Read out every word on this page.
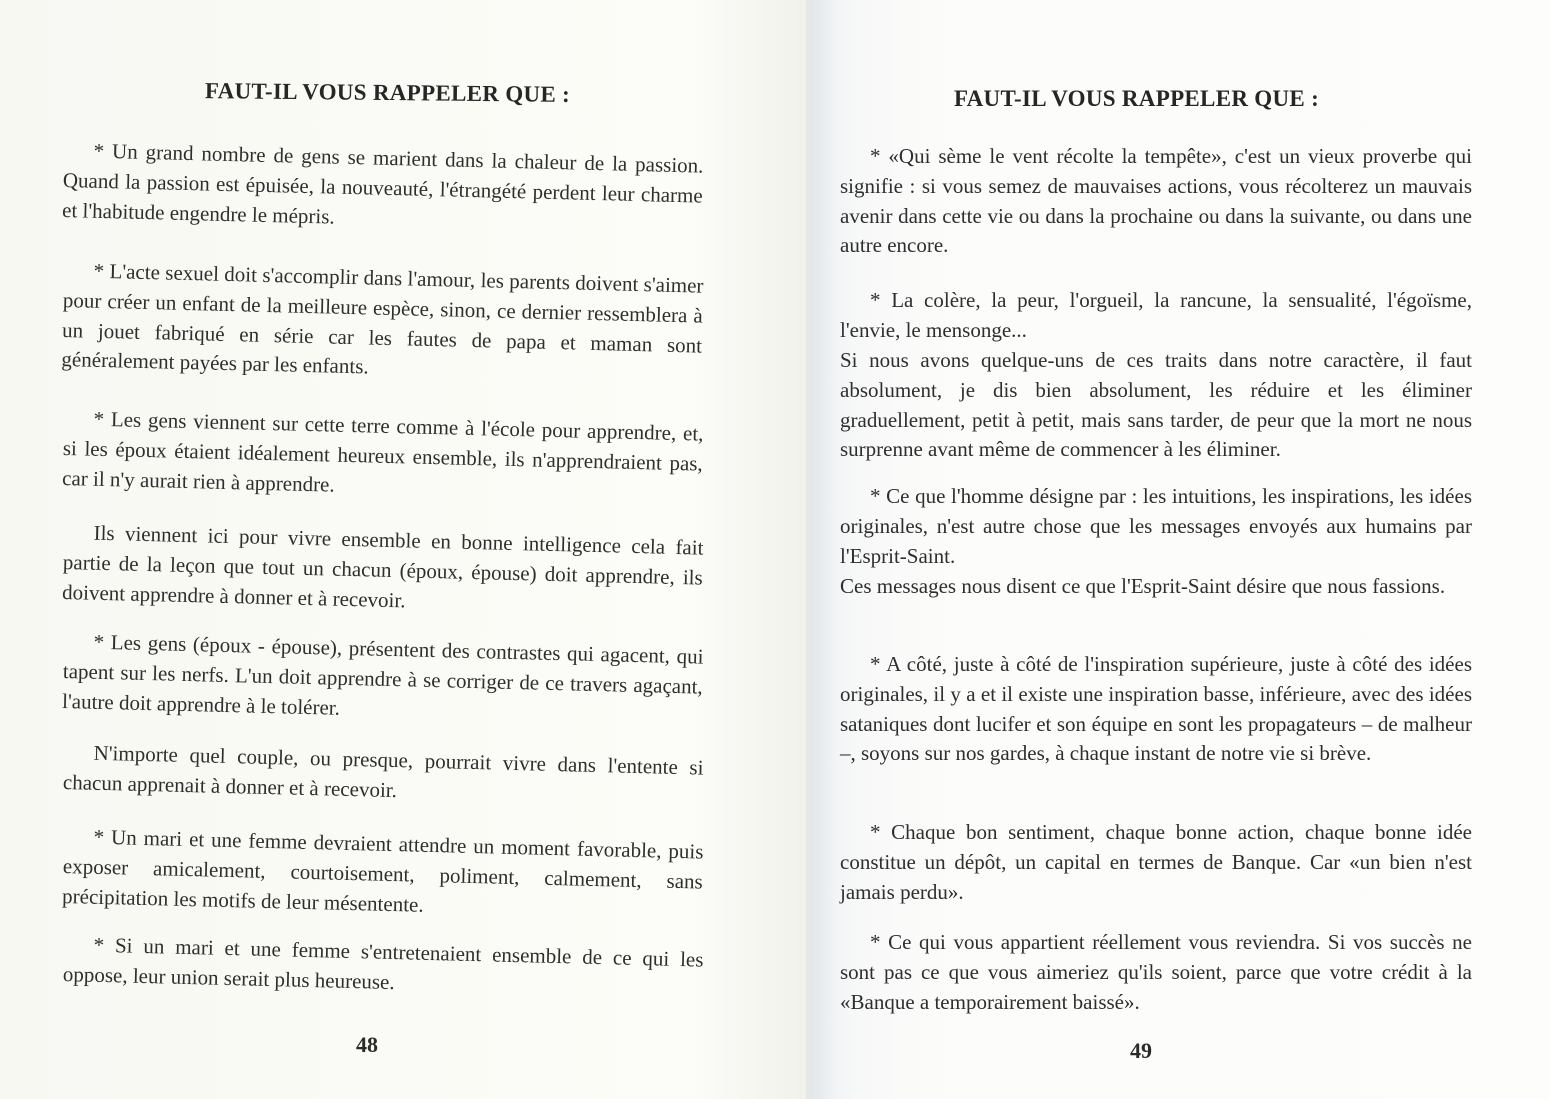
FAUT-IL VOUS RAPPELER QUE :

* Un grand nombre de gens se marient dans la chaleur de la passion. Quand la passion est épuisée, la nouveauté, l'étrangété perdent leur charme et l'habitude engendre le mépris.

* L'acte sexuel doit s'accomplir dans l'amour, les parents doivent s'aimer pour créer un enfant de la meilleure espèce, sinon, ce dernier ressemblera à un jouet fabriqué en série car les fautes de papa et maman sont généralement payées par les enfants.

* Les gens viennent sur cette terre comme à l'école pour apprendre, et, si les époux étaient idéalement heureux ensemble, ils n'apprendraient pas, car il n'y aurait rien à apprendre.

Ils viennent ici pour vivre ensemble en bonne intelligence cela fait partie de la leçon que tout un chacun (époux, épouse) doit apprendre, ils doivent apprendre à donner et à recevoir.

* Les gens (époux - épouse), présentent des contrastes qui agacent, qui tapent sur les nerfs. L'un doit apprendre à se corriger de ce travers agaçant, l'autre doit apprendre à le tolérer.

N'importe quel couple, ou presque, pourrait vivre dans l'entente si chacun apprenait à donner et à recevoir.

* Un mari et une femme devraient attendre un moment favorable, puis exposer amicalement, courtoisement, poliment, calmement, sans précipitation les motifs de leur mésentente.

* Si un mari et une femme s'entretenaient ensemble de ce qui les oppose, leur union serait plus heureuse.

48
FAUT-IL VOUS RAPPELER QUE :

* «Qui sème le vent récolte la tempête», c'est un vieux proverbe qui signifie : si vous semez de mauvaises actions, vous récolterez un mauvais avenir dans cette vie ou dans la prochaine ou dans la suivante, ou dans une autre encore.

* La colère, la peur, l'orgueil, la rancune, la sensualité, l'égoïsme, l'envie, le mensonge...

Si nous avons quelque-uns de ces traits dans notre caractère, il faut absolument, je dis bien absolument, les réduire et les éliminer graduellement, petit à petit, mais sans tarder, de peur que la mort ne nous surprenne avant même de commencer à les éliminer.

* Ce que l'homme désigne par : les intuitions, les inspirations, les idées originales, n'est autre chose que les messages envoyés aux humains par l'Esprit-Saint.

Ces messages nous disent ce que l'Esprit-Saint désire que nous fassions.

* A côté, juste à côté de l'inspiration supérieure, juste à côté des idées originales, il y a et il existe une inspiration basse, inférieure, avec des idées sataniques dont lucifer et son équipe en sont les propagateurs – de malheur –, soyons sur nos gardes, à chaque instant de notre vie si brève.

* Chaque bon sentiment, chaque bonne action, chaque bonne idée constitue un dépôt, un capital en termes de Banque. Car «un bien n'est jamais perdu».

* Ce qui vous appartient réellement vous reviendra. Si vos succès ne sont pas ce que vous aimeriez qu'ils soient, parce que votre crédit à la «Banque a temporairement baissé».

49
